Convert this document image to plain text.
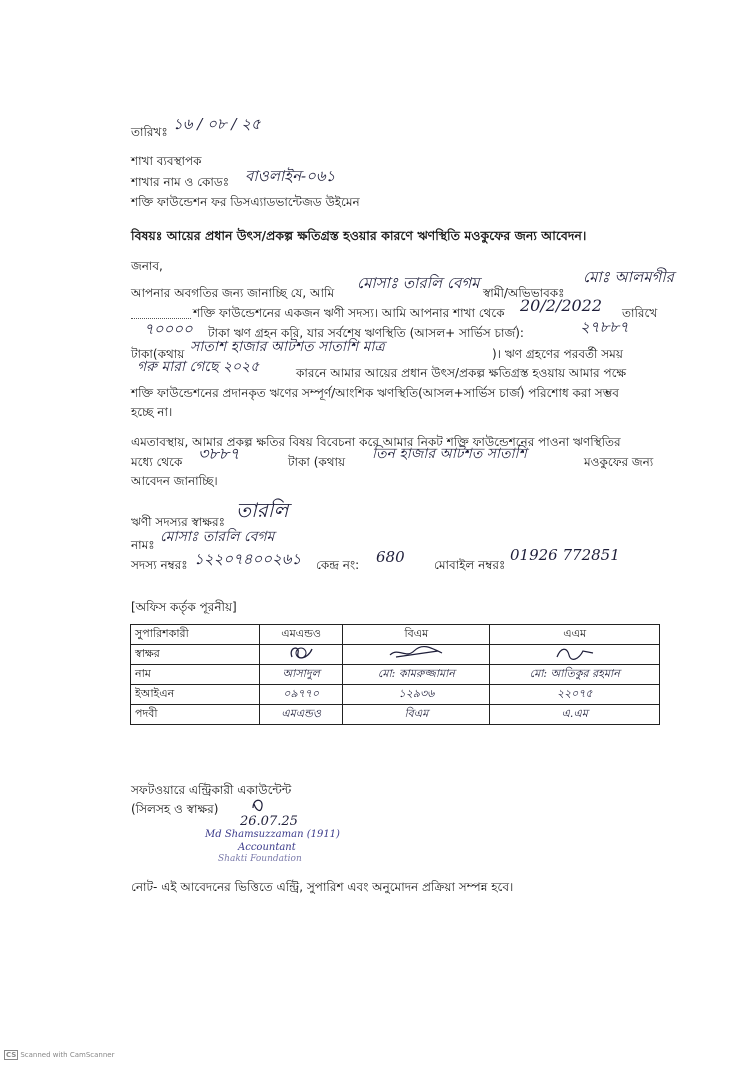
তারিখঃ ১৬ / ০৮ / ২৫
শাখা ব্যবস্থাপক
শাখার নাম ও কোডঃ বাওলাইন-০৬১
শক্তি ফাউন্ডেশন ফর ডিসএ্যাডভান্টেজড উইমেন
বিষয়ঃ আয়ের প্রধান উৎস/প্রকল্প ক্ষতিগ্রস্ত হওয়ার কারণে ঋণস্থিতি মওকুফের জন্য আবেদন।
জনাব,
আপনার অবগতির জন্য জানাচ্ছি যে, আমি
মোসাঃ তারলি বেগম
স্বামী/অভিভাবকঃ
মোঃ আলমগীর
শক্তি ফাউন্ডেশনের একজন ঋণী সদস্য। আমি আপনার শাখা থেকে 20/2/2022 তারিখে
৭০০০০ টাকা ঋণ গ্রহন করি, যার সর্বশেষ ঋণস্থিতি (আসল+ সার্ভিস চার্জ):	২৭৮৮৭
টাকা(কথায় সাতাশ হাজার আটশত সাতাশি মাত্র	)। ঋণ গ্রহণের পরবর্তী সময়
গরু মারা গেছে ২০২৫	কারনে আমার আয়ের প্রধান উৎস/প্রকল্প ক্ষতিগ্রস্ত হওয়ায় আমার পক্ষে
শক্তি ফাউন্ডেশনের প্রদানকৃত ঋণের সম্পূর্ণ/আংশিক ঋণস্থিতি(আসল+সার্ভিস চার্জ) পরিশোধ করা সম্ভব
হচ্ছে না।
এমতাবস্থায়, আমার প্রকল্প ক্ষতির বিষয় বিবেচনা করে আমার নিকট শক্তি ফাউন্ডেশনের পাওনা ঋণস্থিতির
মধ্যে থেকে ৩৮৮৭	টাকা (কথায় তিন হাজার আটশত সাতাশি	মওকুফের জন্য
আবেদন জানাচ্ছি।
ঋণী সদস্যর স্বাক্ষরঃ তারলি
নামঃ মোসাঃ তারলি বেগম
সদস্য নম্বরঃ ১২২০৭৪০০২৬১ কেন্দ্র নং: 680 মোবাইল নম্বরঃ
01926 772851
[অফিস কর্তৃক পূরনীয়]
সুপারিশকারী	এমএন্ডও	বিএম	এএম
স্বাক্ষর			
নাম	আসাদুল	মো: কামরুজ্জামান	মো: আতিকুর রহমান
ইআইএন	০৯৭৭০	১২৯৩৬	২২০৭৫
পদবী	এমএন্ডও	বিএম	এ.এম
সফটওয়ারে এন্ট্রিকারী একাউন্টেন্ট
(সিলসহ ও স্বাক্ষর)
26.07.25
Md Shamsuzzaman (1911)
Accountant
Shakti Foundation
নোট- এই আবেদনের ভিত্তিতে এন্ট্রি, সুপারিশ এবং অনুমোদন প্রক্রিয়া সম্পন্ন হবে।
CS Scanned with CamScanner
